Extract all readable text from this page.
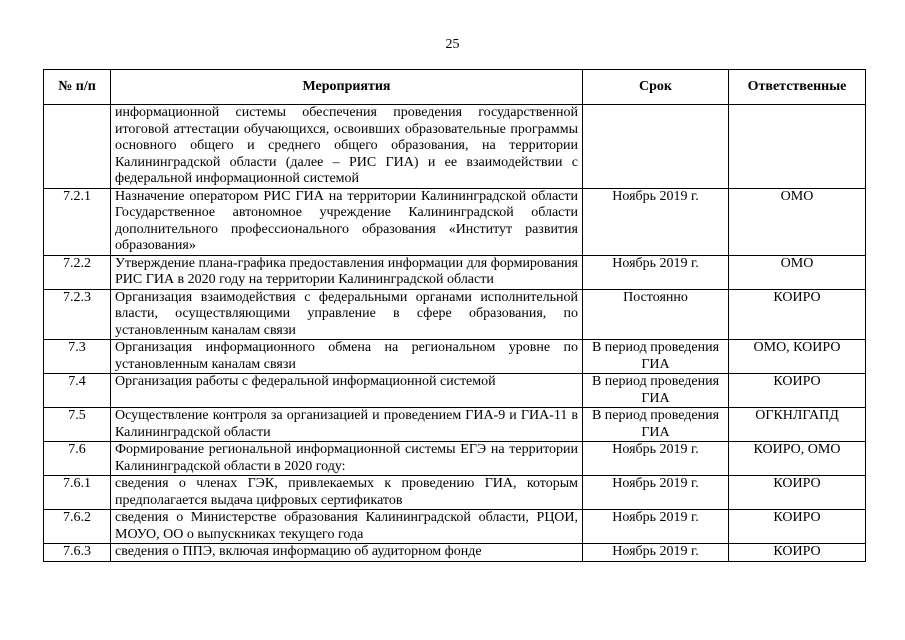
25
№ п/п	Мероприятия	Срок	Ответственные
	информационной системы обеспечения проведения государственной итоговой аттестации обучающихся, освоивших образовательные программы основного общего и среднего общего образования, на территории Калининградской области (далее – РИС ГИА) и ее взаимодействии с федеральной информационной системой		
7.2.1	Назначение оператором РИС ГИА на территории Калининградской области Государственное автономное учреждение Калининградской области дополнительного профессионального образования «Институт развития образования»	Ноябрь 2019 г.	ОМО
7.2.2	Утверждение плана-графика предоставления информации для формирования РИС ГИА в 2020 году на территории Калининградской области	Ноябрь 2019 г.	ОМО
7.2.3	Организация взаимодействия с федеральными органами исполнительной власти, осуществляющими управление в сфере образования, по установленным каналам связи	Постоянно	КОИРО
7.3	Организация информационного обмена на региональном уровне по установленным каналам связи	В период проведения ГИА	ОМО, КОИРО
7.4	Организация работы с федеральной информационной системой	В период проведения ГИА	КОИРО
7.5	Осуществление контроля за организацией и проведением ГИА-9 и ГИА-11 в Калининградской области	В период проведения ГИА	ОГКНЛГАПД
7.6	Формирование региональной информационной системы ЕГЭ на территории Калининградской области в 2020 году:	Ноябрь 2019 г.	КОИРО, ОМО
7.6.1	сведения о членах ГЭК, привлекаемых к проведению ГИА, которым предполагается выдача цифровых сертификатов	Ноябрь 2019 г.	КОИРО
7.6.2	сведения о Министерстве образования Калининградской области, РЦОИ, МОУО, ОО о выпускниках текущего года	Ноябрь 2019 г.	КОИРО
7.6.3	сведения о ППЭ, включая информацию об аудиторном фонде	Ноябрь 2019 г.	КОИРО
